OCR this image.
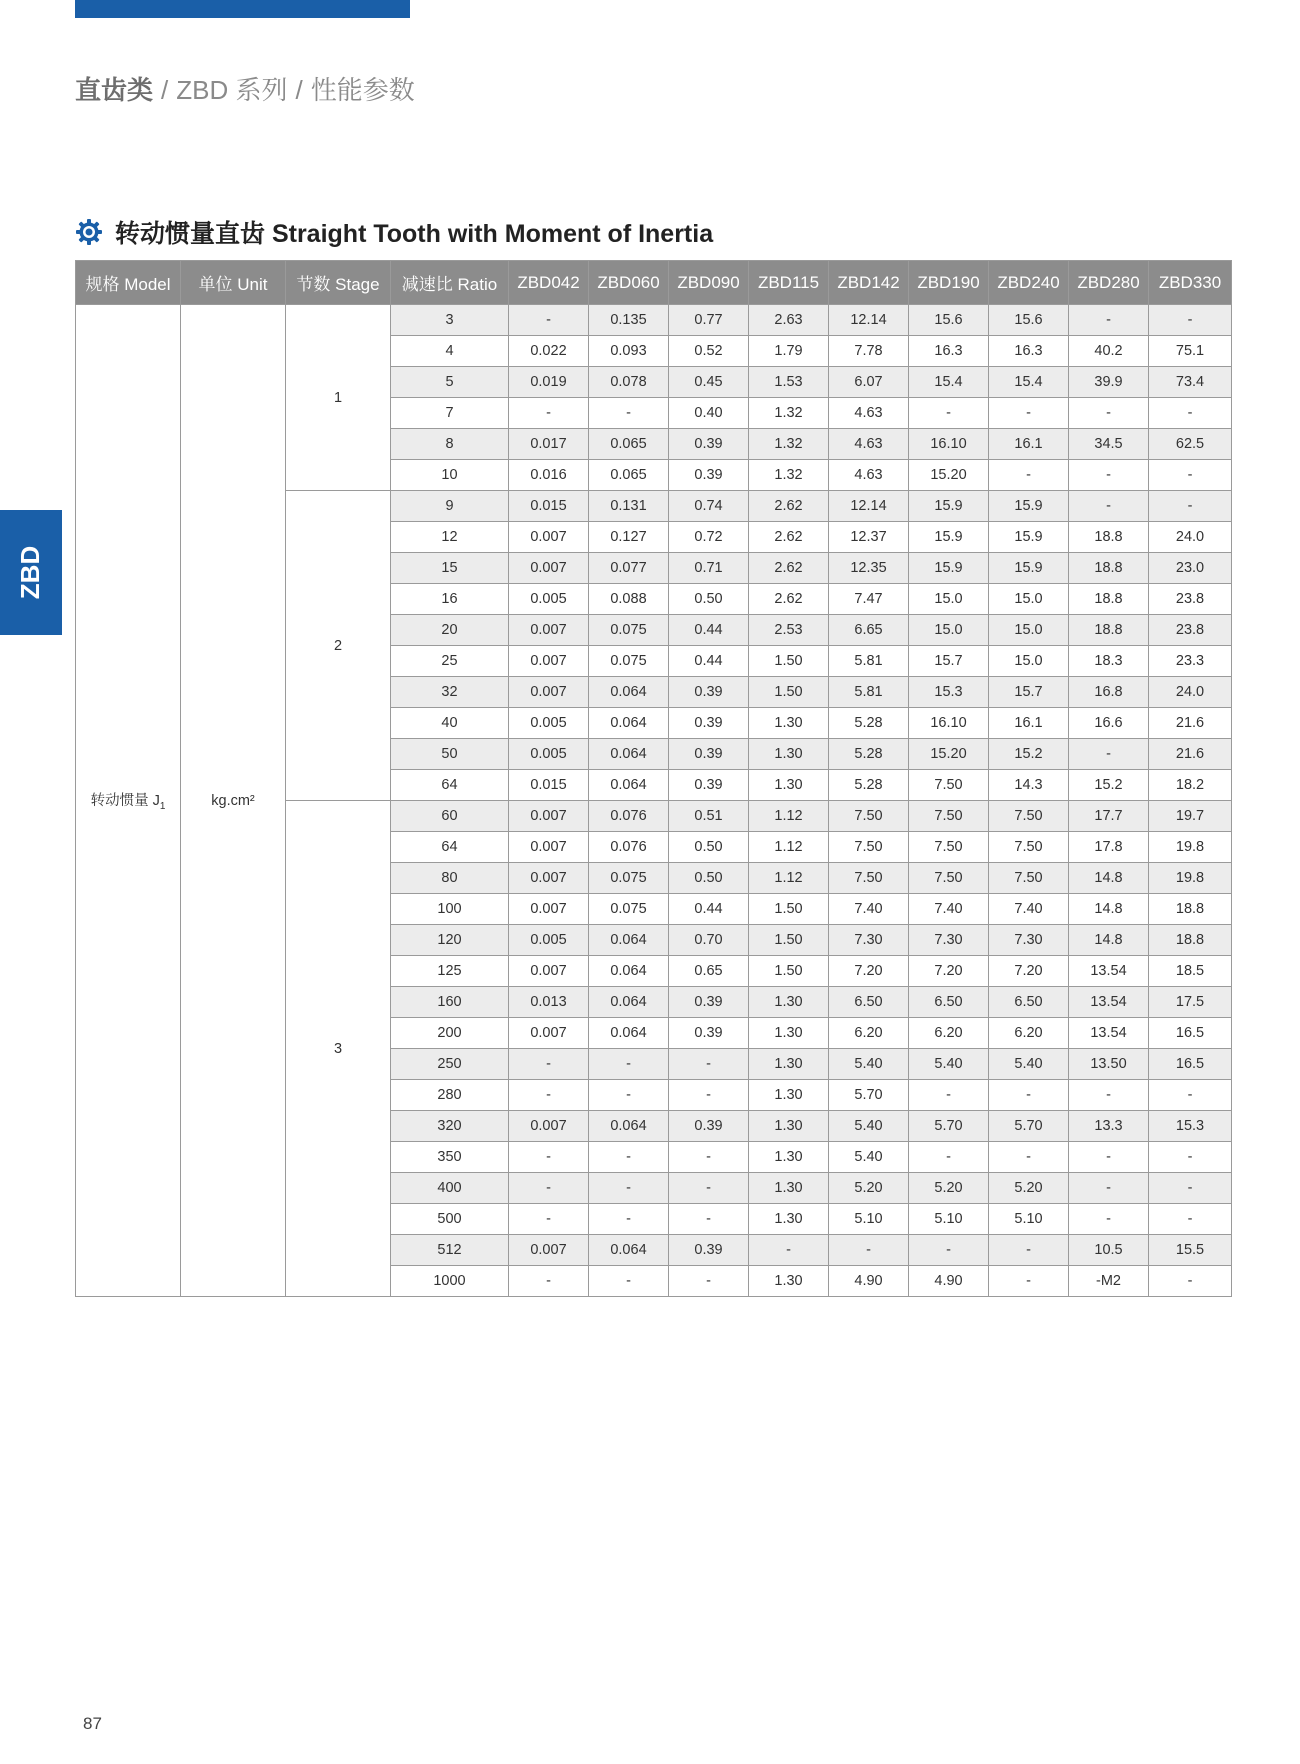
直齿类 / ZBD 系列 / 性能参数
ZBD
转动惯量直齿 Straight Tooth with Moment of Inertia
规格 Model	单位 Unit	节数 Stage	减速比 Ratio	ZBD042	ZBD060	ZBD090	ZBD115	ZBD142	ZBD190	ZBD240	ZBD280	ZBD330
转动惯量 $J_1$	kg.cm²	1	3	-	0.135	0.77	2.63	12.14	15.6	15.6	-	-
			4	0.022	0.093	0.52	1.79	7.78	16.3	16.3	40.2	75.1
			5	0.019	0.078	0.45	1.53	6.07	15.4	15.4	39.9	73.4
			7	-	-	0.40	1.32	4.63	-	-	-	-
			8	0.017	0.065	0.39	1.32	4.63	16.10	16.1	34.5	62.5
			10	0.016	0.065	0.39	1.32	4.63	15.20	-	-	-
		2	9	0.015	0.131	0.74	2.62	12.14	15.9	15.9	-	-
			12	0.007	0.127	0.72	2.62	12.37	15.9	15.9	18.8	24.0
			15	0.007	0.077	0.71	2.62	12.35	15.9	15.9	18.8	23.0
			16	0.005	0.088	0.50	2.62	7.47	15.0	15.0	18.8	23.8
			20	0.007	0.075	0.44	2.53	6.65	15.0	15.0	18.8	23.8
			25	0.007	0.075	0.44	1.50	5.81	15.7	15.0	18.3	23.3
			32	0.007	0.064	0.39	1.50	5.81	15.3	15.7	16.8	24.0
			40	0.005	0.064	0.39	1.30	5.28	16.10	16.1	16.6	21.6
			50	0.005	0.064	0.39	1.30	5.28	15.20	15.2	-	21.6
			64	0.015	0.064	0.39	1.30	5.28	7.50	14.3	15.2	18.2
		3	60	0.007	0.076	0.51	1.12	7.50	7.50	7.50	17.7	19.7
			64	0.007	0.076	0.50	1.12	7.50	7.50	7.50	17.8	19.8
			80	0.007	0.075	0.50	1.12	7.50	7.50	7.50	14.8	19.8
			100	0.007	0.075	0.44	1.50	7.40	7.40	7.40	14.8	18.8
			120	0.005	0.064	0.70	1.50	7.30	7.30	7.30	14.8	18.8
			125	0.007	0.064	0.65	1.50	7.20	7.20	7.20	13.54	18.5
			160	0.013	0.064	0.39	1.30	6.50	6.50	6.50	13.54	17.5
			200	0.007	0.064	0.39	1.30	6.20	6.20	6.20	13.54	16.5
			250	-	-	-	1.30	5.40	5.40	5.40	13.50	16.5
			280	-	-	-	1.30	5.70	-	-	-	-
			320	0.007	0.064	0.39	1.30	5.40	5.70	5.70	13.3	15.3
			350	-	-	-	1.30	5.40	-	-	-	-
			400	-	-	-	1.30	5.20	5.20	5.20	-	-
			500	-	-	-	1.30	5.10	5.10	5.10	-	-
			512	0.007	0.064	0.39	-	-	-	-	10.5	15.5
			1000	-	-	-	1.30	4.90	4.90	-	-M2	-
87
